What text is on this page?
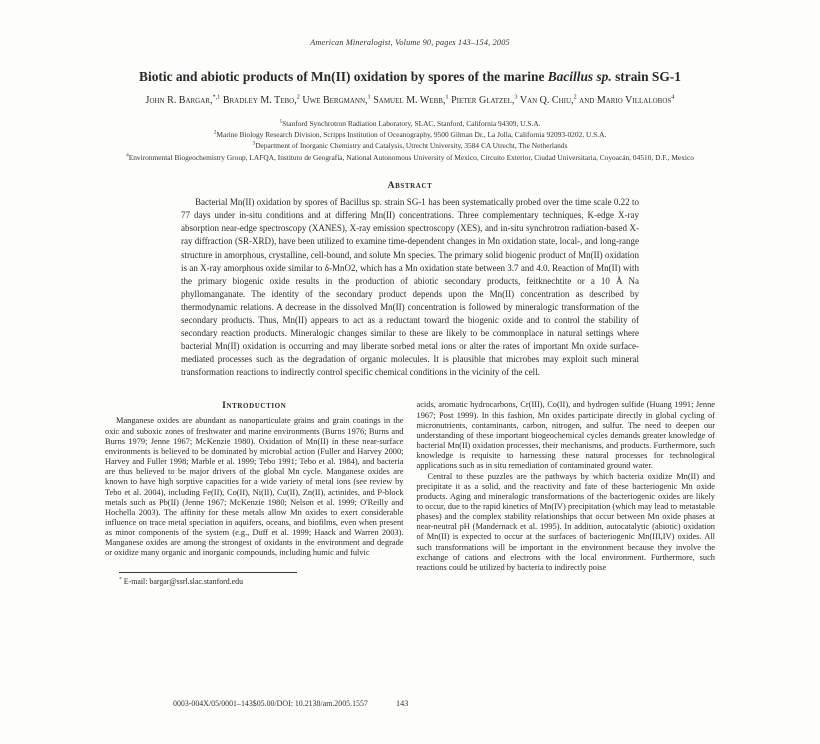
American Mineralogist, Volume 90, pages 143–154, 2005
Biotic and abiotic products of Mn(II) oxidation by spores of the marine Bacillus sp. strain SG-1
John R. Bargar,$^{*,1}$ Bradley M. Tebo,$^2$ Uwe Bergmann,$^1$ Samuel M. Webb,$^1$ Pieter Glatzel,$^3$ Van Q. Chiu,$^2$ and Mario Villalobos$^4$
$^1$Stanford Synchrotron Radiation Laboratory, SLAC, Stanford, California 94309, U.S.A.
$^2$Marine Biology Research Division, Scripps Institution of Oceanography, 9500 Gilman Dr., La Jolla, California 92093-0202, U.S.A.
$^3$Department of Inorganic Chemistry and Catalysis, Utrecht University, 3584 CA Utrecht, The Netherlands
$^4$Environmental Biogeochemistry Group, LAFQA, Instituto de Geografía, National Autonomous University of Mexico, Circuito Exterior, Ciudad Universitaria, Coyoacán, 04510, D.F., Mexico
Abstract

Bacterial Mn(II) oxidation by spores of Bacillus sp. strain SG-1 has been systematically probed over the time scale 0.22 to 77 days under in-situ conditions and at differing Mn(II) concentrations. Three complementary techniques, K-edge X-ray absorption near-edge spectroscopy (XANES), X-ray emission spectroscopy (XES), and in-situ synchrotron radiation-based X-ray diffraction (SR-XRD), have been utilized to examine time-dependent changes in Mn oxidation state, local-, and long-range structure in amorphous, crystalline, cell-bound, and solute Mn species. The primary solid biogenic product of Mn(II) oxidation is an X-ray amorphous oxide similar to δ-MnO2, which has a Mn oxidation state between 3.7 and 4.0. Reaction of Mn(II) with the primary biogenic oxide results in the production of abiotic secondary products, feitknechtite or a 10 Å Na phyllomanganate. The identity of the secondary product depends upon the Mn(II) concentration as described by thermodynamic relations. A decrease in the dissolved Mn(II) concentration is followed by mineralogic transformation of the secondary products. Thus, Mn(II) appears to act as a reductant toward the biogenic oxide and to control the stability of secondary reaction products. Mineralogic changes similar to these are likely to be commonplace in natural settings where bacterial Mn(II) oxidation is occurring and may liberate sorbed metal ions or alter the rates of important Mn oxide surface-mediated processes such as the degradation of organic molecules. It is plausible that microbes may exploit such mineral transformation reactions to indirectly control specific chemical conditions in the vicinity of the cell.

Introduction

Manganese oxides are abundant as nanoparticulate grains and grain coatings in the oxic and suboxic zones of freshwater and marine environments (Burns 1976; Burns and Burns 1979; Jenne 1967; McKenzie 1980). Oxidation of Mn(II) in these near-surface environments is believed to be dominated by microbial action (Fuller and Harvey 2000; Harvey and Fuller 1998; Marble et al. 1999; Tebo 1991; Tebo et al. 1984), and bacteria are thus believed to be major drivers of the global Mn cycle. Manganese oxides are known to have high sorptive capacities for a wide variety of metal ions (see review by Tebo et al. 2004), including Fe(II), Co(II), Ni(II), Cu(II), Zn(II), actinides, and P-block metals such as Pb(II) (Jenne 1967; McKenzie 1980; Nelson et al. 1999; O'Reilly and Hochella 2003). The affinity for these metals allow Mn oxides to exert considerable influence on trace metal speciation in aquifers, oceans, and biofilms, even when present as minor components of the system (e.g., Duff et al. 1999; Haack and Warren 2003). Manganese oxides are among the strongest of oxidants in the environment and degrade or oxidize many organic and inorganic compounds, including humic and fulvic

* E-mail: bargar@ssrl.slac.stanford.edu

acids, aromatic hydrocarbons, Cr(III), Co(II), and hydrogen sulfide (Huang 1991; Jenne 1967; Post 1999). In this fashion, Mn oxides participate directly in global cycling of micronutrients, contaminants, carbon, nitrogen, and sulfur. The need to deepen our understanding of these important biogeochemical cycles demands greater knowledge of bacterial Mn(II) oxidation processes, their mechanisms, and products. Furthermore, such knowledge is requisite to harnessing these natural processes for technological applications such as in situ remediation of contaminated ground water.

Central to these puzzles are the pathways by which bacteria oxidize Mn(II) and precipitate it as a solid, and the reactivity and fate of these bacteriogenic Mn oxide products. Aging and mineralogic transformations of the bacteriogenic oxides are likely to occur, due to the rapid kinetics of Mn(IV) precipitation (which may lead to metastable phases) and the complex stability relationships that occur between Mn oxide phases at near-neutral pH (Mandernack et al. 1995). In addition, autocatalytic (abiotic) oxidation of Mn(II) is expected to occur at the surfaces of bacteriogenic Mn(III,IV) oxides. All such transformations will be important in the environment because they involve the exchange of cations and electrons with the local environment. Furthermore, such reactions could be utilized by bacteria to indirectly poise

0003-004X/05/0001–143$05.00/DOI: 10.2138/am.2005.1557	143
